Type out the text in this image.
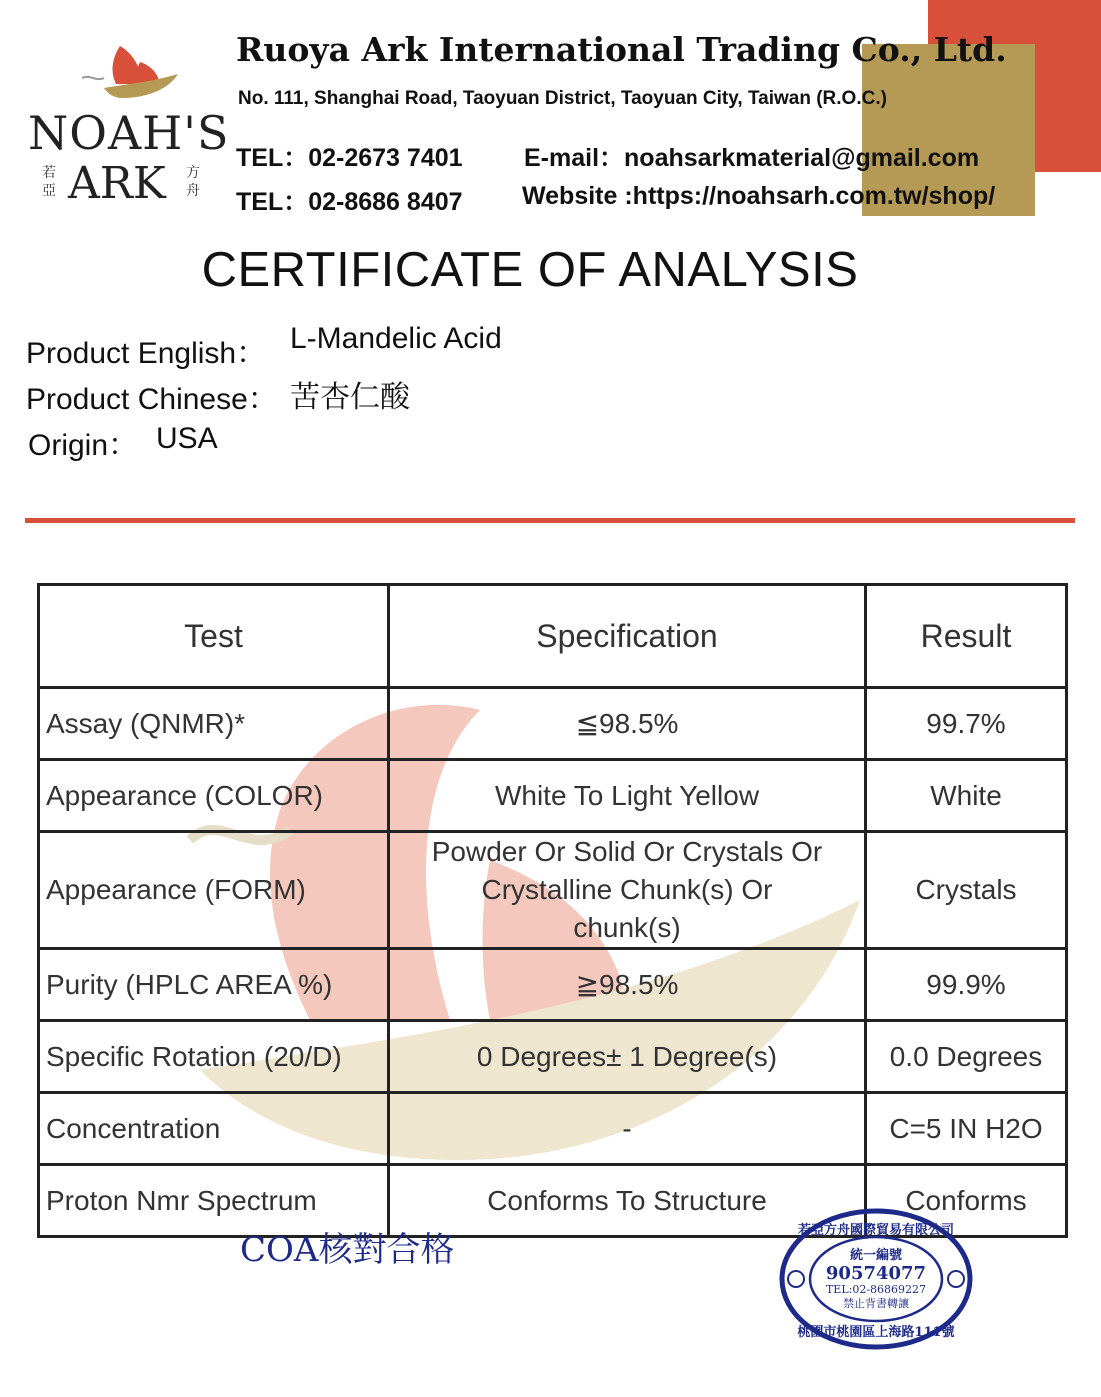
NOAH'S
若亞 ARK 方舟
Ruoya Ark International Trading Co., Ltd.
No. 111, Shanghai Road, Taoyuan District, Taoyuan City, Taiwan (R.O.C.)
TEL：02-2673 7401 E-mail：noahsarkmaterial@gmail.com
TEL：02-8686 8407 Website :https://noahsarh.com.tw/shop/
CERTIFICATE OF ANALYSIS
Product English： L-Mandelic Acid
Product Chinese： 苦杏仁酸
Origin： USA
Test	Specification	Result
Assay (QNMR)*	≦98.5%	99.7%
Appearance (COLOR)	White To Light Yellow	White
Appearance (FORM)	Powder Or Solid Or Crystals Or Crystalline Chunk(s) Or chunk(s)	Crystals
Purity (HPLC AREA %)	≧98.5%	99.9%
Specific Rotation (20/D)	0 Degrees± 1 Degree(s)	0.0 Degrees
Concentration	-	C=5 IN H2O
Proton Nmr Spectrum	Conforms To Structure	Conforms
COA核對合格	若亞方舟國際貿易有限公司
統一編號
90574077
TEL:02-86869227
禁止背書轉讓
桃園市桃園區上海路111號
